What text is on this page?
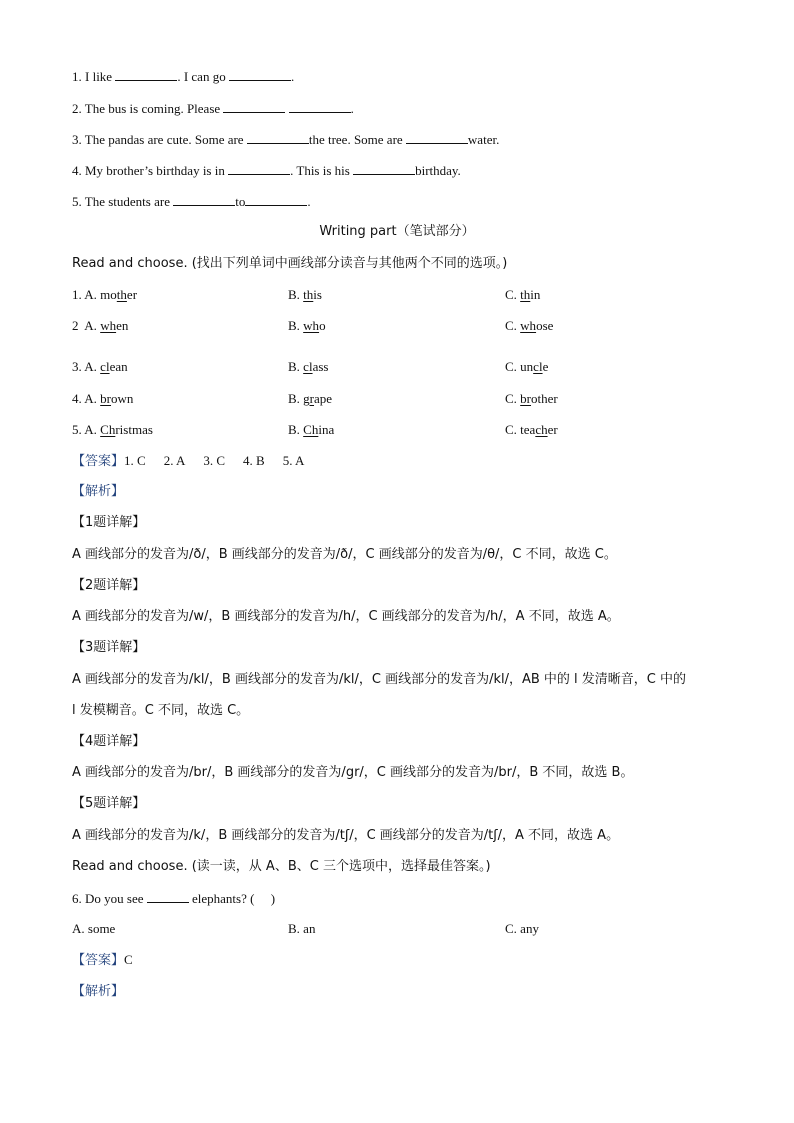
1. I like	. I can go	.
2. The bus is coming. Please	.
3. The pandas are cute. Some are	the tree. Some are	water.
4. My brother’s birthday is in	. This is his	birthday.
5. The students are	to	.
Writing part（笔试部分）
Read and choose. (找出下列单词中画线部分读音与其他两个不同的选项。)
1. A. mother	B. this	C. thin
2 A. when	B. who	C. whose
3. A. clean	B. class	C. uncle
4. A. brown	B. grape	C. brother
5. A. Christmas	B. China	C. teacher
【答案】1. C 2. A 3. C 4. B 5. A
【解析】
【1题详解】
A 画线部分的发音为/ð/，B 画线部分的发音为/ð/，C 画线部分的发音为/θ/，C 不同，故选 C。
【2题详解】
A 画线部分的发音为/w/，B 画线部分的发音为/h/，C 画线部分的发音为/h/，A 不同，故选 A。
【3题详解】
A 画线部分的发音为/kl/，B 画线部分的发音为/kl/，C 画线部分的发音为/kl/，AB 中的 l 发清晰音，C 中的
l 发模糊音。C 不同，故选 C。
【4题详解】
A 画线部分的发音为/br/，B 画线部分的发音为/gr/，C 画线部分的发音为/br/，B 不同，故选 B。
【5题详解】
A 画线部分的发音为/k/，B 画线部分的发音为/tʃ/，C 画线部分的发音为/tʃ/，A 不同，故选 A。
Read and choose. (读一读，从 A、B、C 三个选项中，选择最佳答案。)
6. Do you see	elephants? ( )
A. some	B. an	C. any
【答案】C
【解析】
